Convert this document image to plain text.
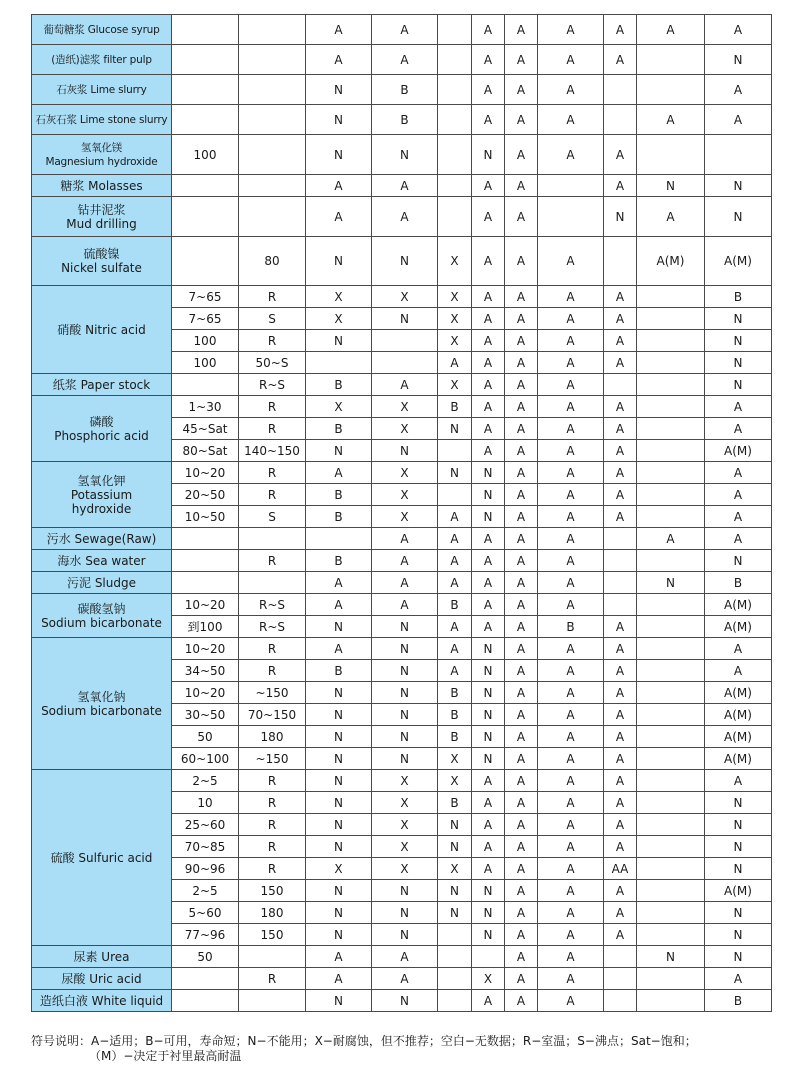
葡萄糖浆 Glucose syrup			A	A		A	A	A	A	A	A
(造纸)滤浆 filter pulp			A	A		A	A	A	A		N
石灰浆 Lime slurry			N	B		A	A	A			A
石灰石浆 Lime stone slurry			N	B		A	A	A		A	A
氢氧化镁
Magnesium hydroxide	100		N	N		N	A	A	A		
糖浆 Molasses			A	A		A	A		A	N	N
钻井泥浆
Mud drilling			A	A		A	A		N	A	N
硫酸镍
Nickel sulfate		80	N	N	X	A	A	A		A(M)	A(M)
硝酸 Nitric acid	7~65	R	X	X	X	A	A	A	A		B
	7~65	S	X	N	X	A	A	A	A		N
	100	R	N		X	A	A	A	A		N
	100	50~S			A	A	A	A	A		N
纸浆 Paper stock		R~S	B	A	X	A	A	A			N
磷酸
Phosphoric acid	1~30	R	X	X	B	A	A	A	A		A
	45~Sat	R	B	X	N	A	A	A	A		A
	80~Sat	140~150	N	N		A	A	A	A		A(M)
氢氧化钾
Potassium
hydroxide	10~20	R	A	X	N	N	A	A	A		A
	20~50	R	B	X		N	A	A	A		A
	10~50	S	B	X	A	N	A	A	A		A
污水 Sewage(Raw)				A	A	A	A	A		A	A
海水 Sea water		R	B	A	A	A	A	A			N
污泥 Sludge			A	A	A	A	A	A		N	B
碳酸氢钠
Sodium bicarbonate	10~20	R~S	A	A	B	A	A	A			A(M)
	到100	R~S	N	N	A	A	A	B	A		A(M)
氢氧化钠
Sodium bicarbonate	10~20	R	A	N	A	N	A	A	A		A
	34~50	R	B	N	A	N	A	A	A		A
	10~20	~150	N	N	B	N	A	A	A		A(M)
	30~50	70~150	N	N	B	N	A	A	A		A(M)
	50	180	N	N	B	N	A	A	A		A(M)
	60~100	~150	N	N	X	N	A	A	A		A(M)
硫酸 Sulfuric acid	2~5	R	N	X	X	A	A	A	A		A
	10	R	N	X	B	A	A	A	A		N
	25~60	R	N	X	N	A	A	A	A		N
	70~85	R	N	X	N	A	A	A	A		N
	90~96	R	X	X	X	A	A	A	AA		N
	2~5	150	N	N	N	N	A	A	A		A(M)
	5~60	180	N	N	N	N	A	A	A		N
	77~96	150	N	N		N	A	A	A		N
尿素 Urea	50		A	A			A	A		N	N
尿酸 Uric acid		R	A	A		X	A	A			A
造纸白液 White liquid			N	N		A	A	A			B
符号说明：A−适用；B−可用，寿命短；N−不能用；X−耐腐蚀，但不推荐；空白−无数据；R−室温；S−沸点；Sat−饱和；
（M）−决定于衬里最高耐温
